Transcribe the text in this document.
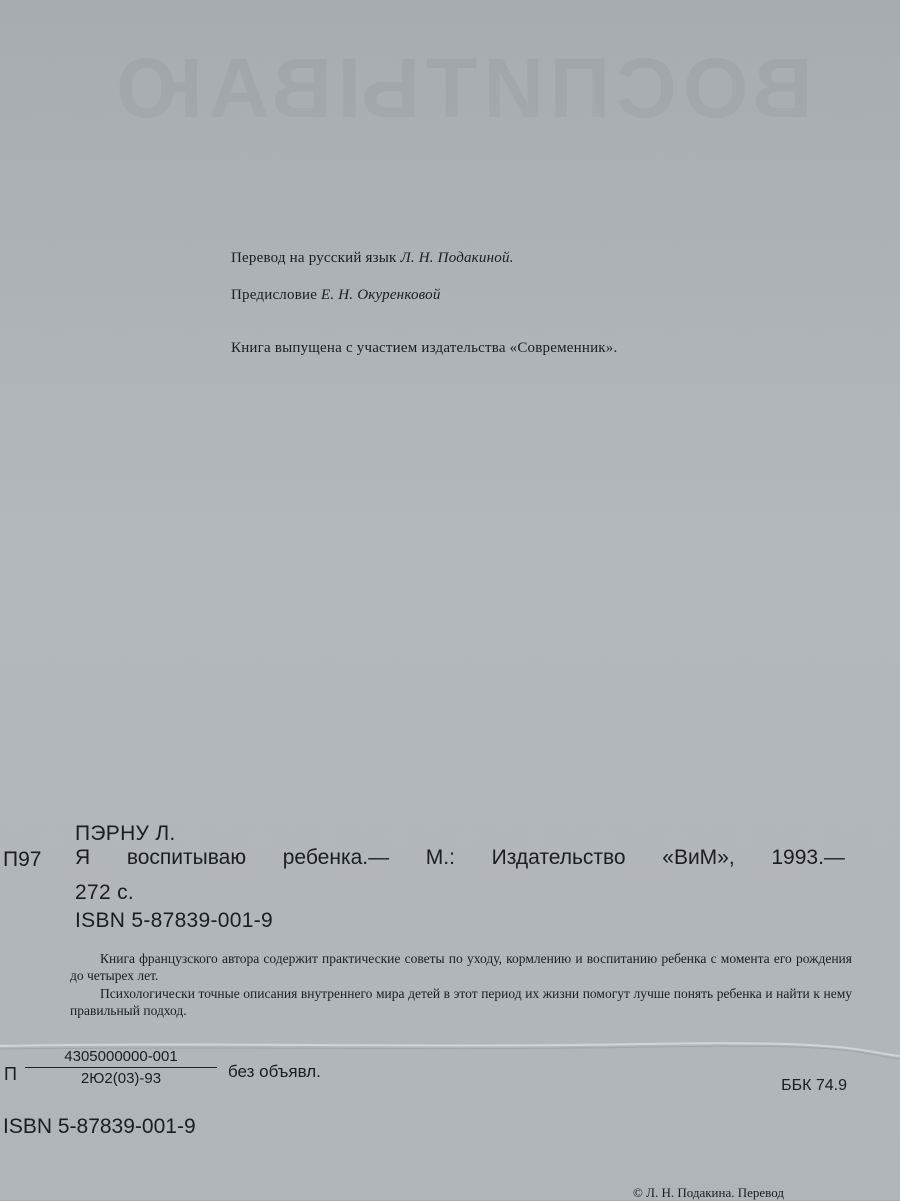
ВОСПИТЫВАЮ
Перевод на русский язык Л. Н. Подакиной.
Предисловие Е. Н. Окуренковой
Книга выпущена с участием издательства «Современник».
ПЭРНУ Л.
П97 Я воспитываю ребенка.— М.: Издательство «ВиМ», 1993.—
272 с.
ISBN 5-87839-001-9

Книга французского автора содержит практические советы по уходу, кормлению и воспитанию ребенка с момента его рождения до четырех лет.

Психологически точные описания внутреннего мира детей в этот период их жизни помогут лучше понять ребенка и найти к нему правильный подход.

П
4305000000-001
2Ю2(03)-93	без объявл.
ББК 74.9
ISBN 5-87839-001-9
© Л. Н. Подакина. Перевод
